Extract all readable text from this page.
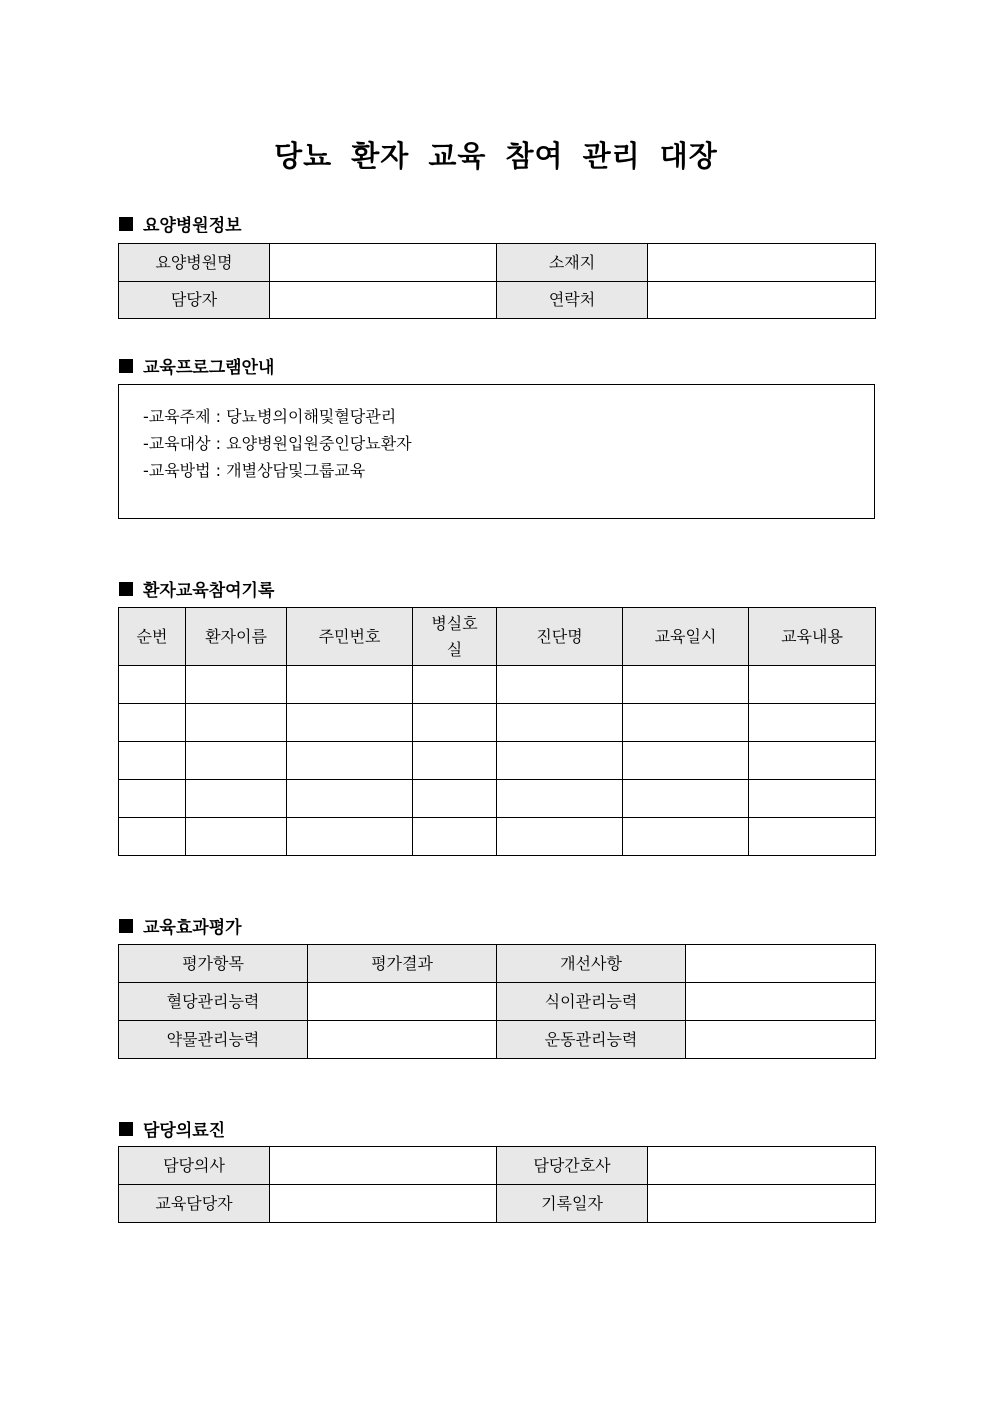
당뇨 환자 교육 참여 관리 대장
요양병원정보
요양병원명		소재지	
담당자		연락처	
교육프로그램안내
-교육주제 : 당뇨병의이해및혈당관리
-교육대상 : 요양병원입원중인당뇨환자
-교육방법 : 개별상담및그룹교육
환자교육참여기록
순번	환자이름	주민번호	병실호실	진단명	교육일시	교육내용

교육효과평가
평가항목	평가결과	개선사항	
혈당관리능력		식이관리능력	
약물관리능력		운동관리능력	
담당의료진
담당의사		담당간호사	
교육담당자		기록일자	
